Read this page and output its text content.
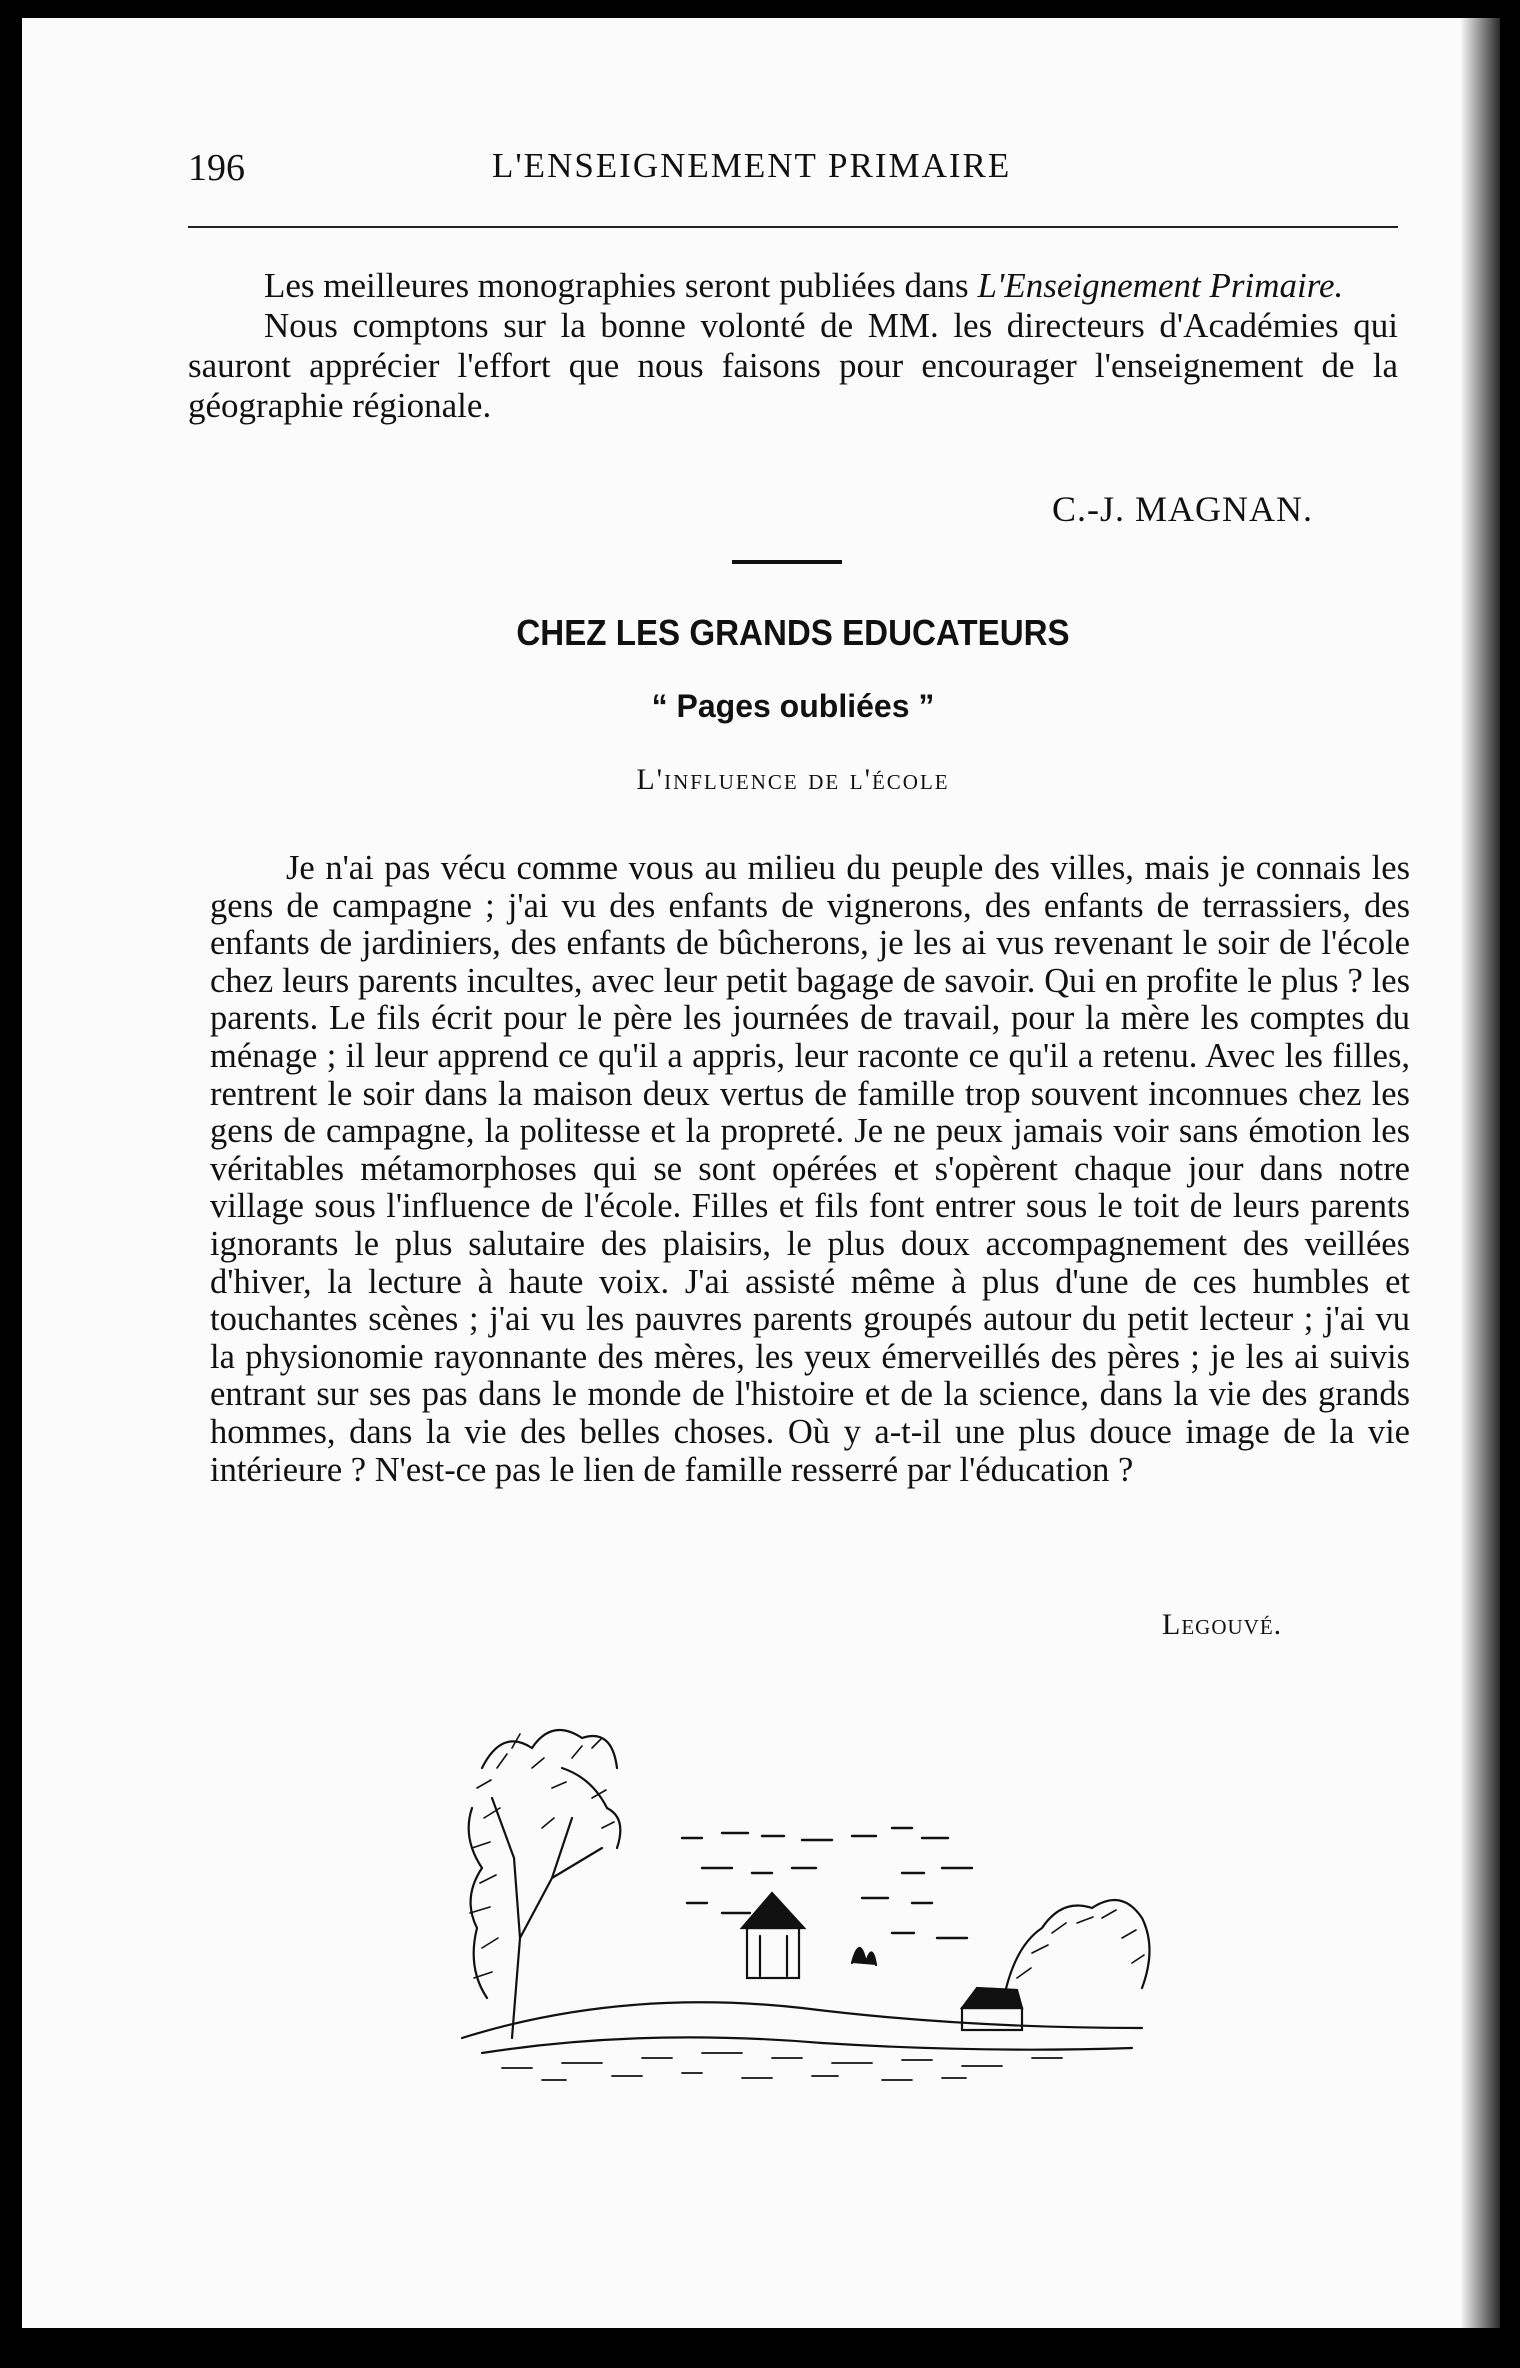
196	L'ENSEIGNEMENT PRIMAIRE

Les meilleures monographies seront publiées dans L'Enseignement Primaire.

Nous comptons sur la bonne volonté de MM. les directeurs d'Académies qui sauront apprécier l'effort que nous faisons pour encourager l'enseignement de la géographie régionale.

C.-J. MAGNAN.
CHEZ LES GRANDS EDUCATEURS
“ Pages oubliées ”
L'influence de l'école

Je n'ai pas vécu comme vous au milieu du peuple des villes, mais je connais les gens de campagne ; j'ai vu des enfants de vignerons, des enfants de terrassiers, des enfants de jardiniers, des enfants de bûcherons, je les ai vus revenant le soir de l'école chez leurs parents incultes, avec leur petit bagage de savoir. Qui en profite le plus ? les parents. Le fils écrit pour le père les journées de travail, pour la mère les comptes du ménage ; il leur apprend ce qu'il a appris, leur raconte ce qu'il a retenu. Avec les filles, rentrent le soir dans la maison deux vertus de famille trop souvent inconnues chez les gens de campagne, la politesse et la propreté. Je ne peux jamais voir sans émotion les véritables métamorphoses qui se sont opérées et s'opèrent chaque jour dans notre village sous l'influence de l'école. Filles et fils font entrer sous le toit de leurs parents ignorants le plus salutaire des plaisirs, le plus doux accompagnement des veillées d'hiver, la lecture à haute voix. J'ai assisté même à plus d'une de ces humbles et touchantes scènes ; j'ai vu les pauvres parents groupés autour du petit lecteur ; j'ai vu la physionomie rayonnante des mères, les yeux émerveillés des pères ; je les ai suivis entrant sur ses pas dans le monde de l'histoire et de la science, dans la vie des grands hommes, dans la vie des belles choses. Où y a-t-il une plus douce image de la vie intérieure ? N'est-ce pas le lien de famille resserré par l'éducation ?

Legouvé.
